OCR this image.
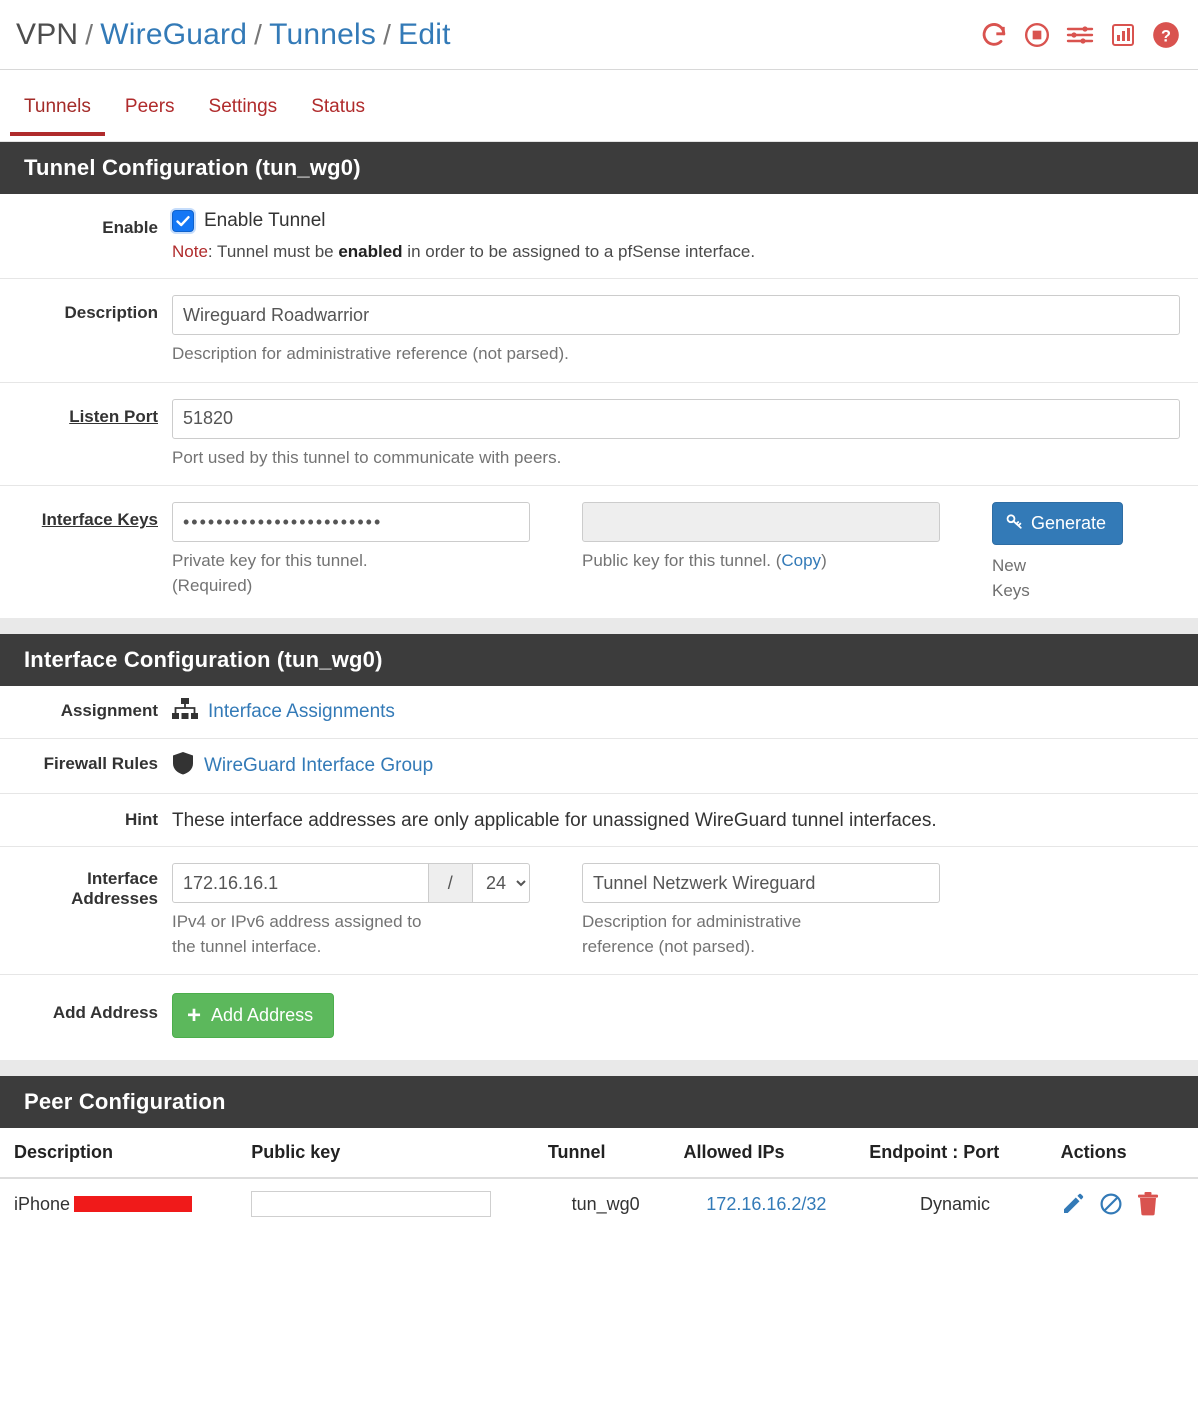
VPN / WireGuard / Tunnels / Edit	?
Tunnels	Peers	Settings	Status
Tunnel Configuration (tun_wg0)
Enable	Enable Tunnel
Note: Tunnel must be enabled in order to be assigned to a pfSense interface.
Description
Wireguard Roadwarrior
Description for administrative reference (not parsed).
Listen Port
51820
Port used by this tunnel to communicate with peers.
Interface Keys
••••••••••••••••••••••••
Private key for this tunnel.
(Required)
Public key for this tunnel. (Copy)
Generate
New
Keys
Interface Configuration (tun_wg0)
Assignment	Interface Assignments
Firewall Rules	WireGuard Interface Group
Hint These interface addresses are only applicable for unassigned WireGuard tunnel interfaces.
Interface
Addresses
172.16.16.1
/
24
IPv4 or IPv6 address assigned to
the tunnel interface.
Tunnel Netzwerk Wireguard
Description for administrative
reference (not parsed).
Add Address	+ Add Address
Peer Configuration
Description	Public key	Tunnel	Allowed IPs	Endpoint : Port	Actions
iPhone		tun_wg0	172.16.16.2/32	Dynamic	
